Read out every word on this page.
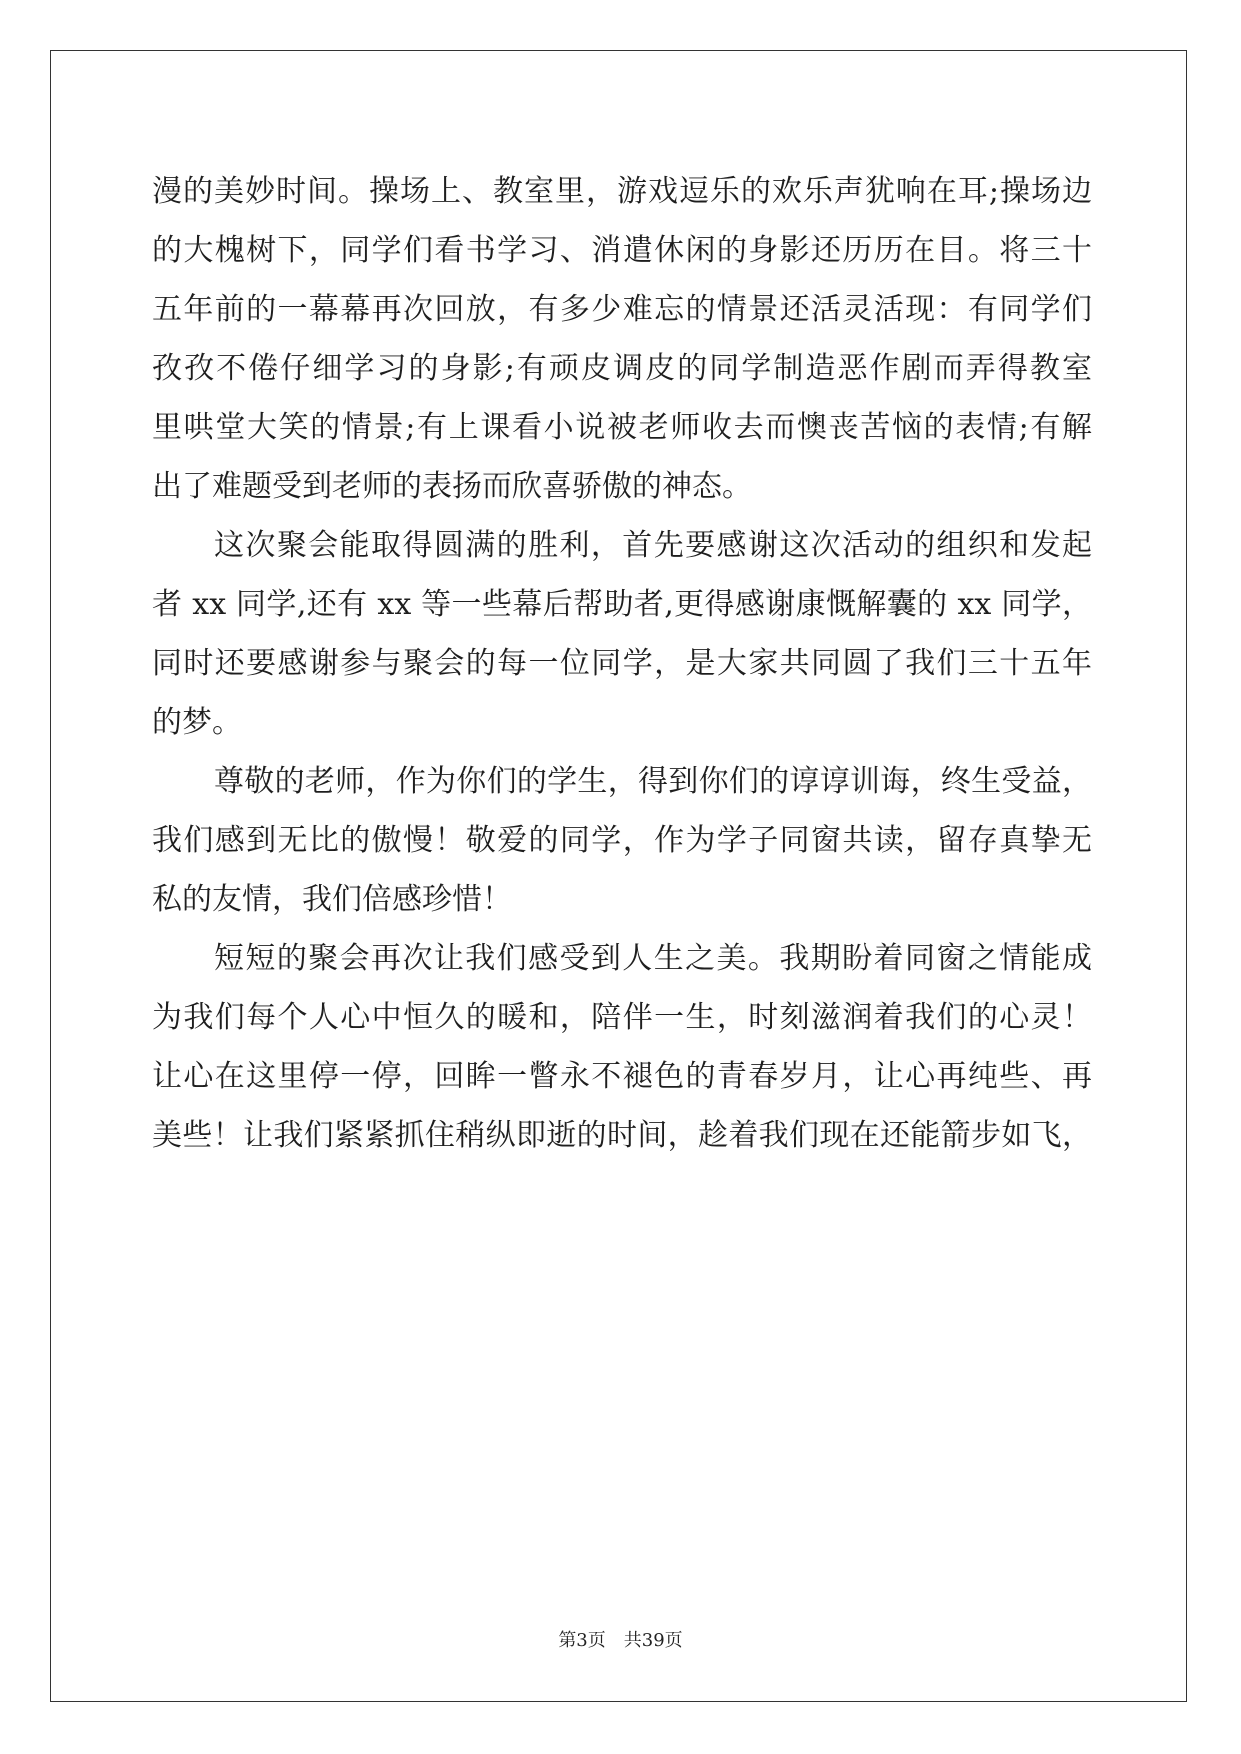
漫的美妙时间。操场上、教室里，游戏逗乐的欢乐声犹响在耳;操场边
的大槐树下，同学们看书学习、消遣休闲的身影还历历在目。将三十
五年前的一幕幕再次回放，有多少难忘的情景还活灵活现：有同学们
孜孜不倦仔细学习的身影;有顽皮调皮的同学制造恶作剧而弄得教室
里哄堂大笑的情景;有上课看小说被老师收去而懊丧苦恼的表情;有解
出了难题受到老师的表扬而欣喜骄傲的神态。
这次聚会能取得圆满的胜利，首先要感谢这次活动的组织和发起
者 xx 同学,还有 xx 等一些幕后帮助者,更得感谢康慨解囊的 xx 同学，
同时还要感谢参与聚会的每一位同学，是大家共同圆了我们三十五年
的梦。
尊敬的老师，作为你们的学生，得到你们的谆谆训诲，终生受益，
我们感到无比的傲慢！敬爱的同学，作为学子同窗共读，留存真挚无
私的友情，我们倍感珍惜！
短短的聚会再次让我们感受到人生之美。我期盼着同窗之情能成
为我们每个人心中恒久的暖和，陪伴一生，时刻滋润着我们的心灵！
让心在这里停一停，回眸一瞥永不褪色的青春岁月，让心再纯些、再
美些！让我们紧紧抓住稍纵即逝的时间，趁着我们现在还能箭步如飞，
第3页 共39页
